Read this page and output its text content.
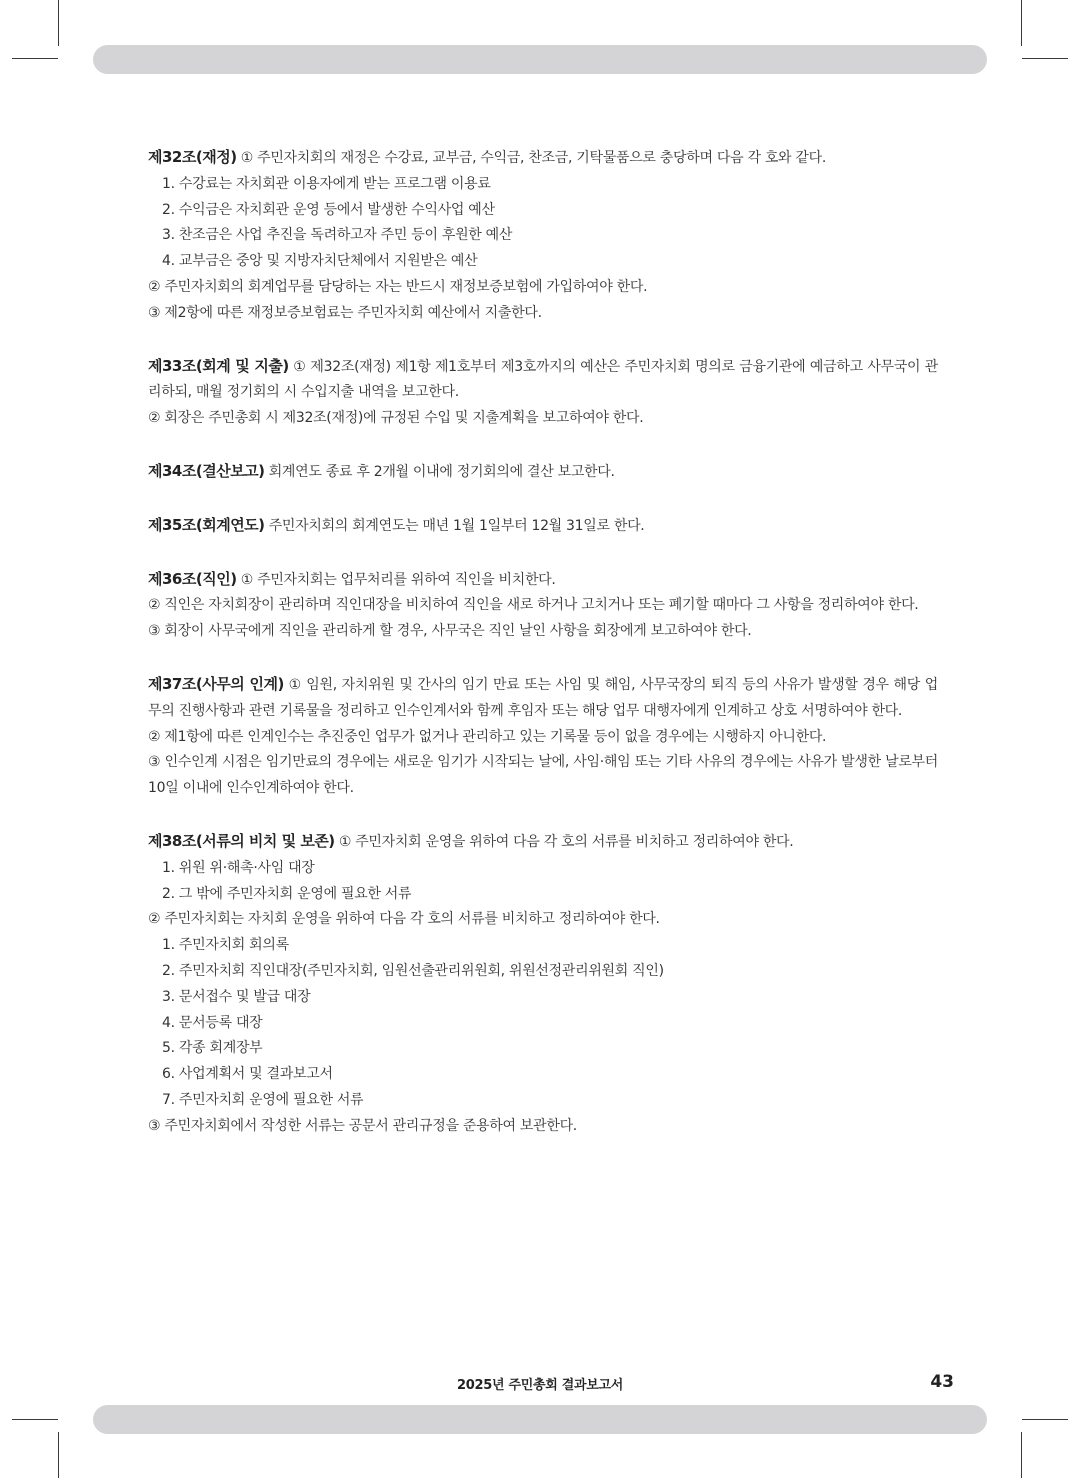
제32조(재정) ① 주민자치회의 재정은 수강료, 교부금, 수익금, 찬조금, 기탁물품으로 충당하며 다음 각 호와 같다.
1. 수강료는 자치회관 이용자에게 받는 프로그램 이용료
2. 수익금은 자치회관 운영 등에서 발생한 수익사업 예산
3. 찬조금은 사업 추진을 독려하고자 주민 등이 후원한 예산
4. 교부금은 중앙 및 지방자치단체에서 지원받은 예산
② 주민자치회의 회계업무를 담당하는 자는 반드시 재정보증보험에 가입하여야 한다.
③ 제2항에 따른 재정보증보험료는 주민자치회 예산에서 지출한다.
제33조(회계 및 지출) ① 제32조(재정) 제1항 제1호부터 제3호까지의 예산은 주민자치회 명의로 금융기관에 예금하고 사무국이 관리하되, 매월 정기회의 시 수입지출 내역을 보고한다.
② 회장은 주민총회 시 제32조(재정)에 규정된 수입 및 지출계획을 보고하여야 한다.
제34조(결산보고) 회계연도 종료 후 2개월 이내에 정기회의에 결산 보고한다.
제35조(회계연도) 주민자치회의 회계연도는 매년 1월 1일부터 12월 31일로 한다.
제36조(직인) ① 주민자치회는 업무처리를 위하여 직인을 비치한다.
② 직인은 자치회장이 관리하며 직인대장을 비치하여 직인을 새로 하거나 고치거나 또는 폐기할 때마다 그 사항을 정리하여야 한다.
③ 회장이 사무국에게 직인을 관리하게 할 경우, 사무국은 직인 날인 사항을 회장에게 보고하여야 한다.
제37조(사무의 인계) ① 임원, 자치위원 및 간사의 임기 만료 또는 사임 및 해임, 사무국장의 퇴직 등의 사유가 발생할 경우 해당 업무의 진행사항과 관련 기록물을 정리하고 인수인계서와 함께 후임자 또는 해당 업무 대행자에게 인계하고 상호 서명하여야 한다.
② 제1항에 따른 인계인수는 추진중인 업무가 없거나 관리하고 있는 기록물 등이 없을 경우에는 시행하지 아니한다.
③ 인수인계 시점은 임기만료의 경우에는 새로운 임기가 시작되는 날에, 사임·해임 또는 기타 사유의 경우에는 사유가 발생한 날로부터 10일 이내에 인수인계하여야 한다.
제38조(서류의 비치 및 보존) ① 주민자치회 운영을 위하여 다음 각 호의 서류를 비치하고 정리하여야 한다.
1. 위원 위·해촉·사임 대장
2. 그 밖에 주민자치회 운영에 필요한 서류
② 주민자치회는 자치회 운영을 위하여 다음 각 호의 서류를 비치하고 정리하여야 한다.
1. 주민자치회 회의록
2. 주민자치회 직인대장(주민자치회, 임원선출관리위원회, 위원선정관리위원회 직인)
3. 문서접수 및 발급 대장
4. 문서등록 대장
5. 각종 회계장부
6. 사업계획서 및 결과보고서
7. 주민자치회 운영에 필요한 서류
③ 주민자치회에서 작성한 서류는 공문서 관리규정을 준용하여 보관한다.
2025년 주민총회 결과보고서	43
